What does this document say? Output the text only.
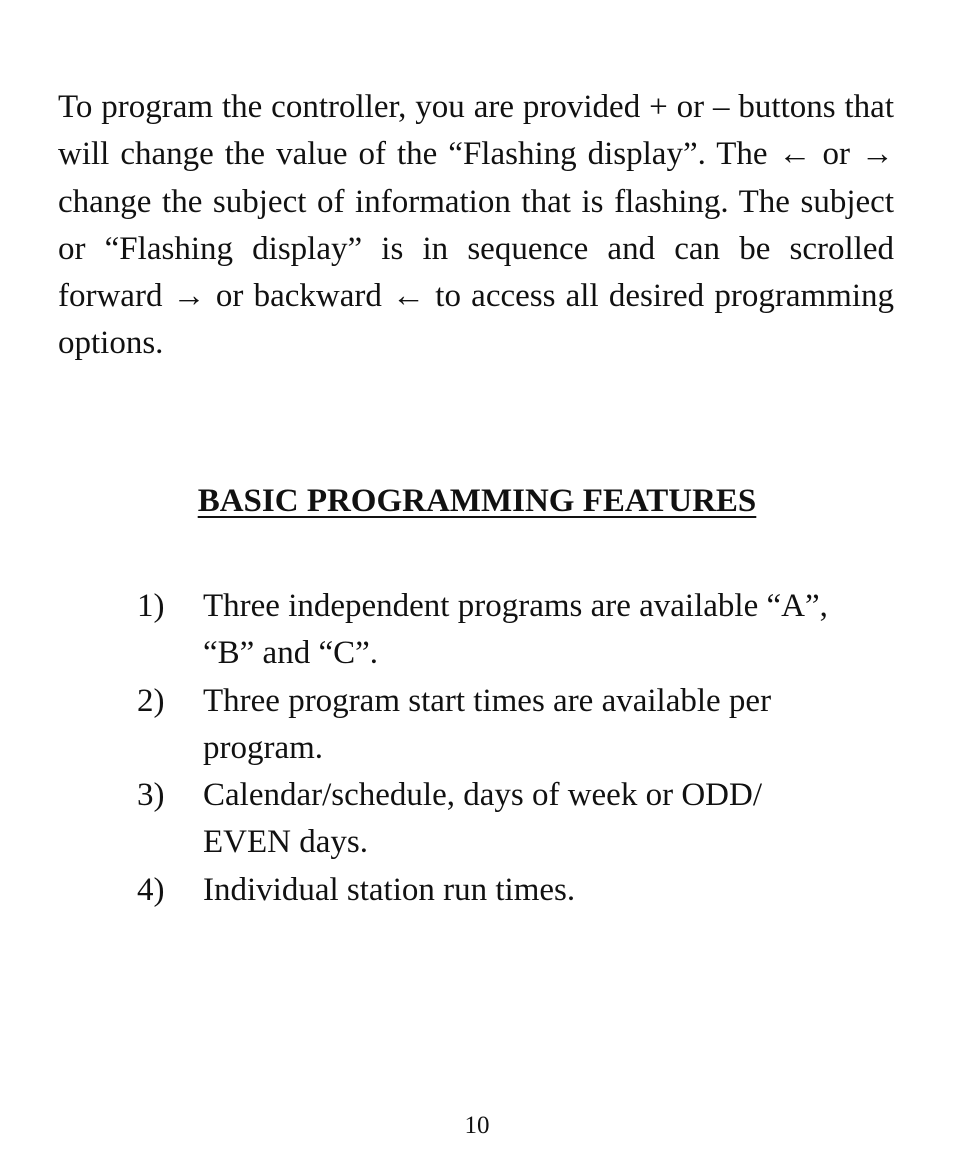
To program the controller, you are provided + or – buttons that will change the value of the “Flashing display”. The ← or → change the subject of information that is flashing. The subject or “Flashing display” is in sequence and can be scrolled forward → or backward ← to access all desired programming options.

BASIC PROGRAMMING FEATURES
1)	Three independent programs are available “A”, “B” and “C”.
2)	Three program start times are available per program.
3)	Calendar/schedule, days of week or ODD/ EVEN days.
4)	Individual station run times.
10
